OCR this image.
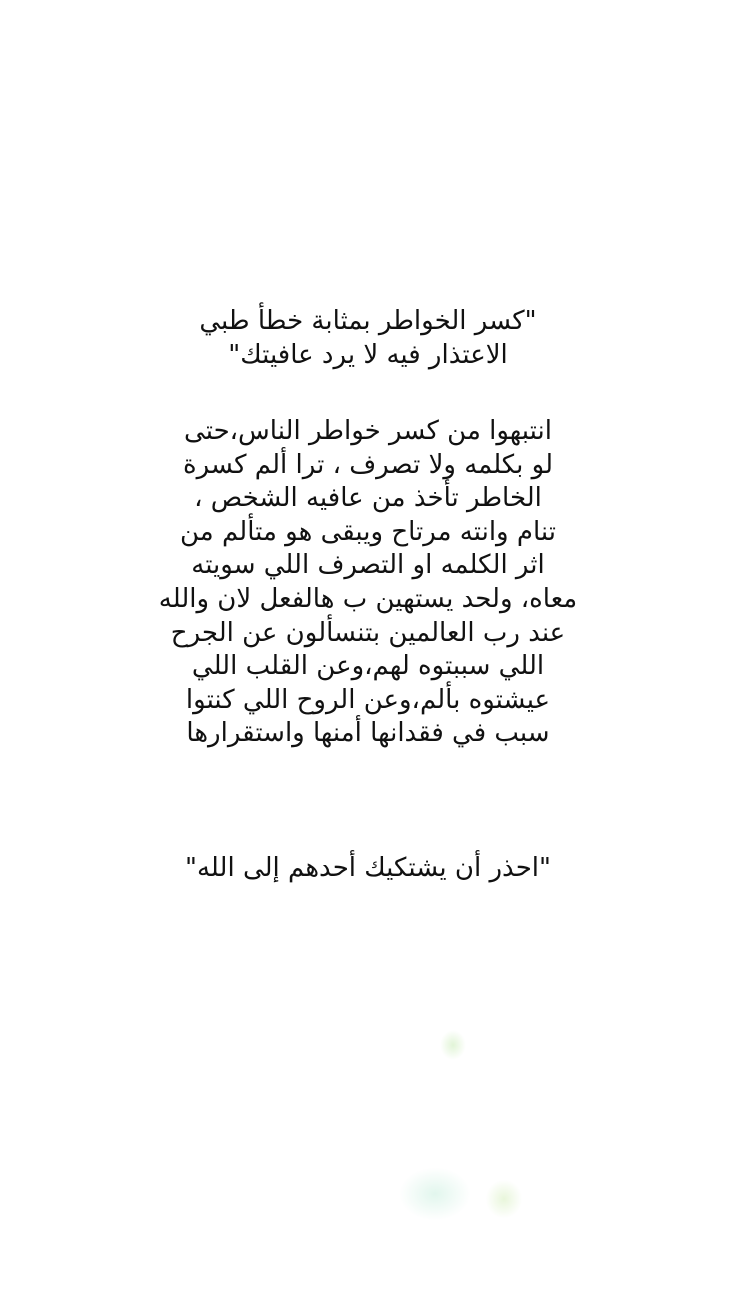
"كسر الخواطر بمثابة خطأ طبي
الاعتذار فيه لا يرد عافيتك"
انتبهوا من كسر خواطر الناس،حتى
لو بكلمه ولا تصرف ، ترا ألم كسرة
الخاطر تأخذ من عافيه الشخص ،
تنام وانته مرتاح ويبقى هو متألم من
اثر الكلمه او التصرف اللي سويته
معاه، ولحد يستهين ب هالفعل لان والله
عند رب العالمين بتنسألون عن الجرح
اللي سببتوه لهم،وعن القلب اللي
عيشتوه بألم،وعن الروح اللي كنتوا
سبب في فقدانها أمنها واستقرارها
"احذر أن يشتكيك أحدهم إلى الله"
